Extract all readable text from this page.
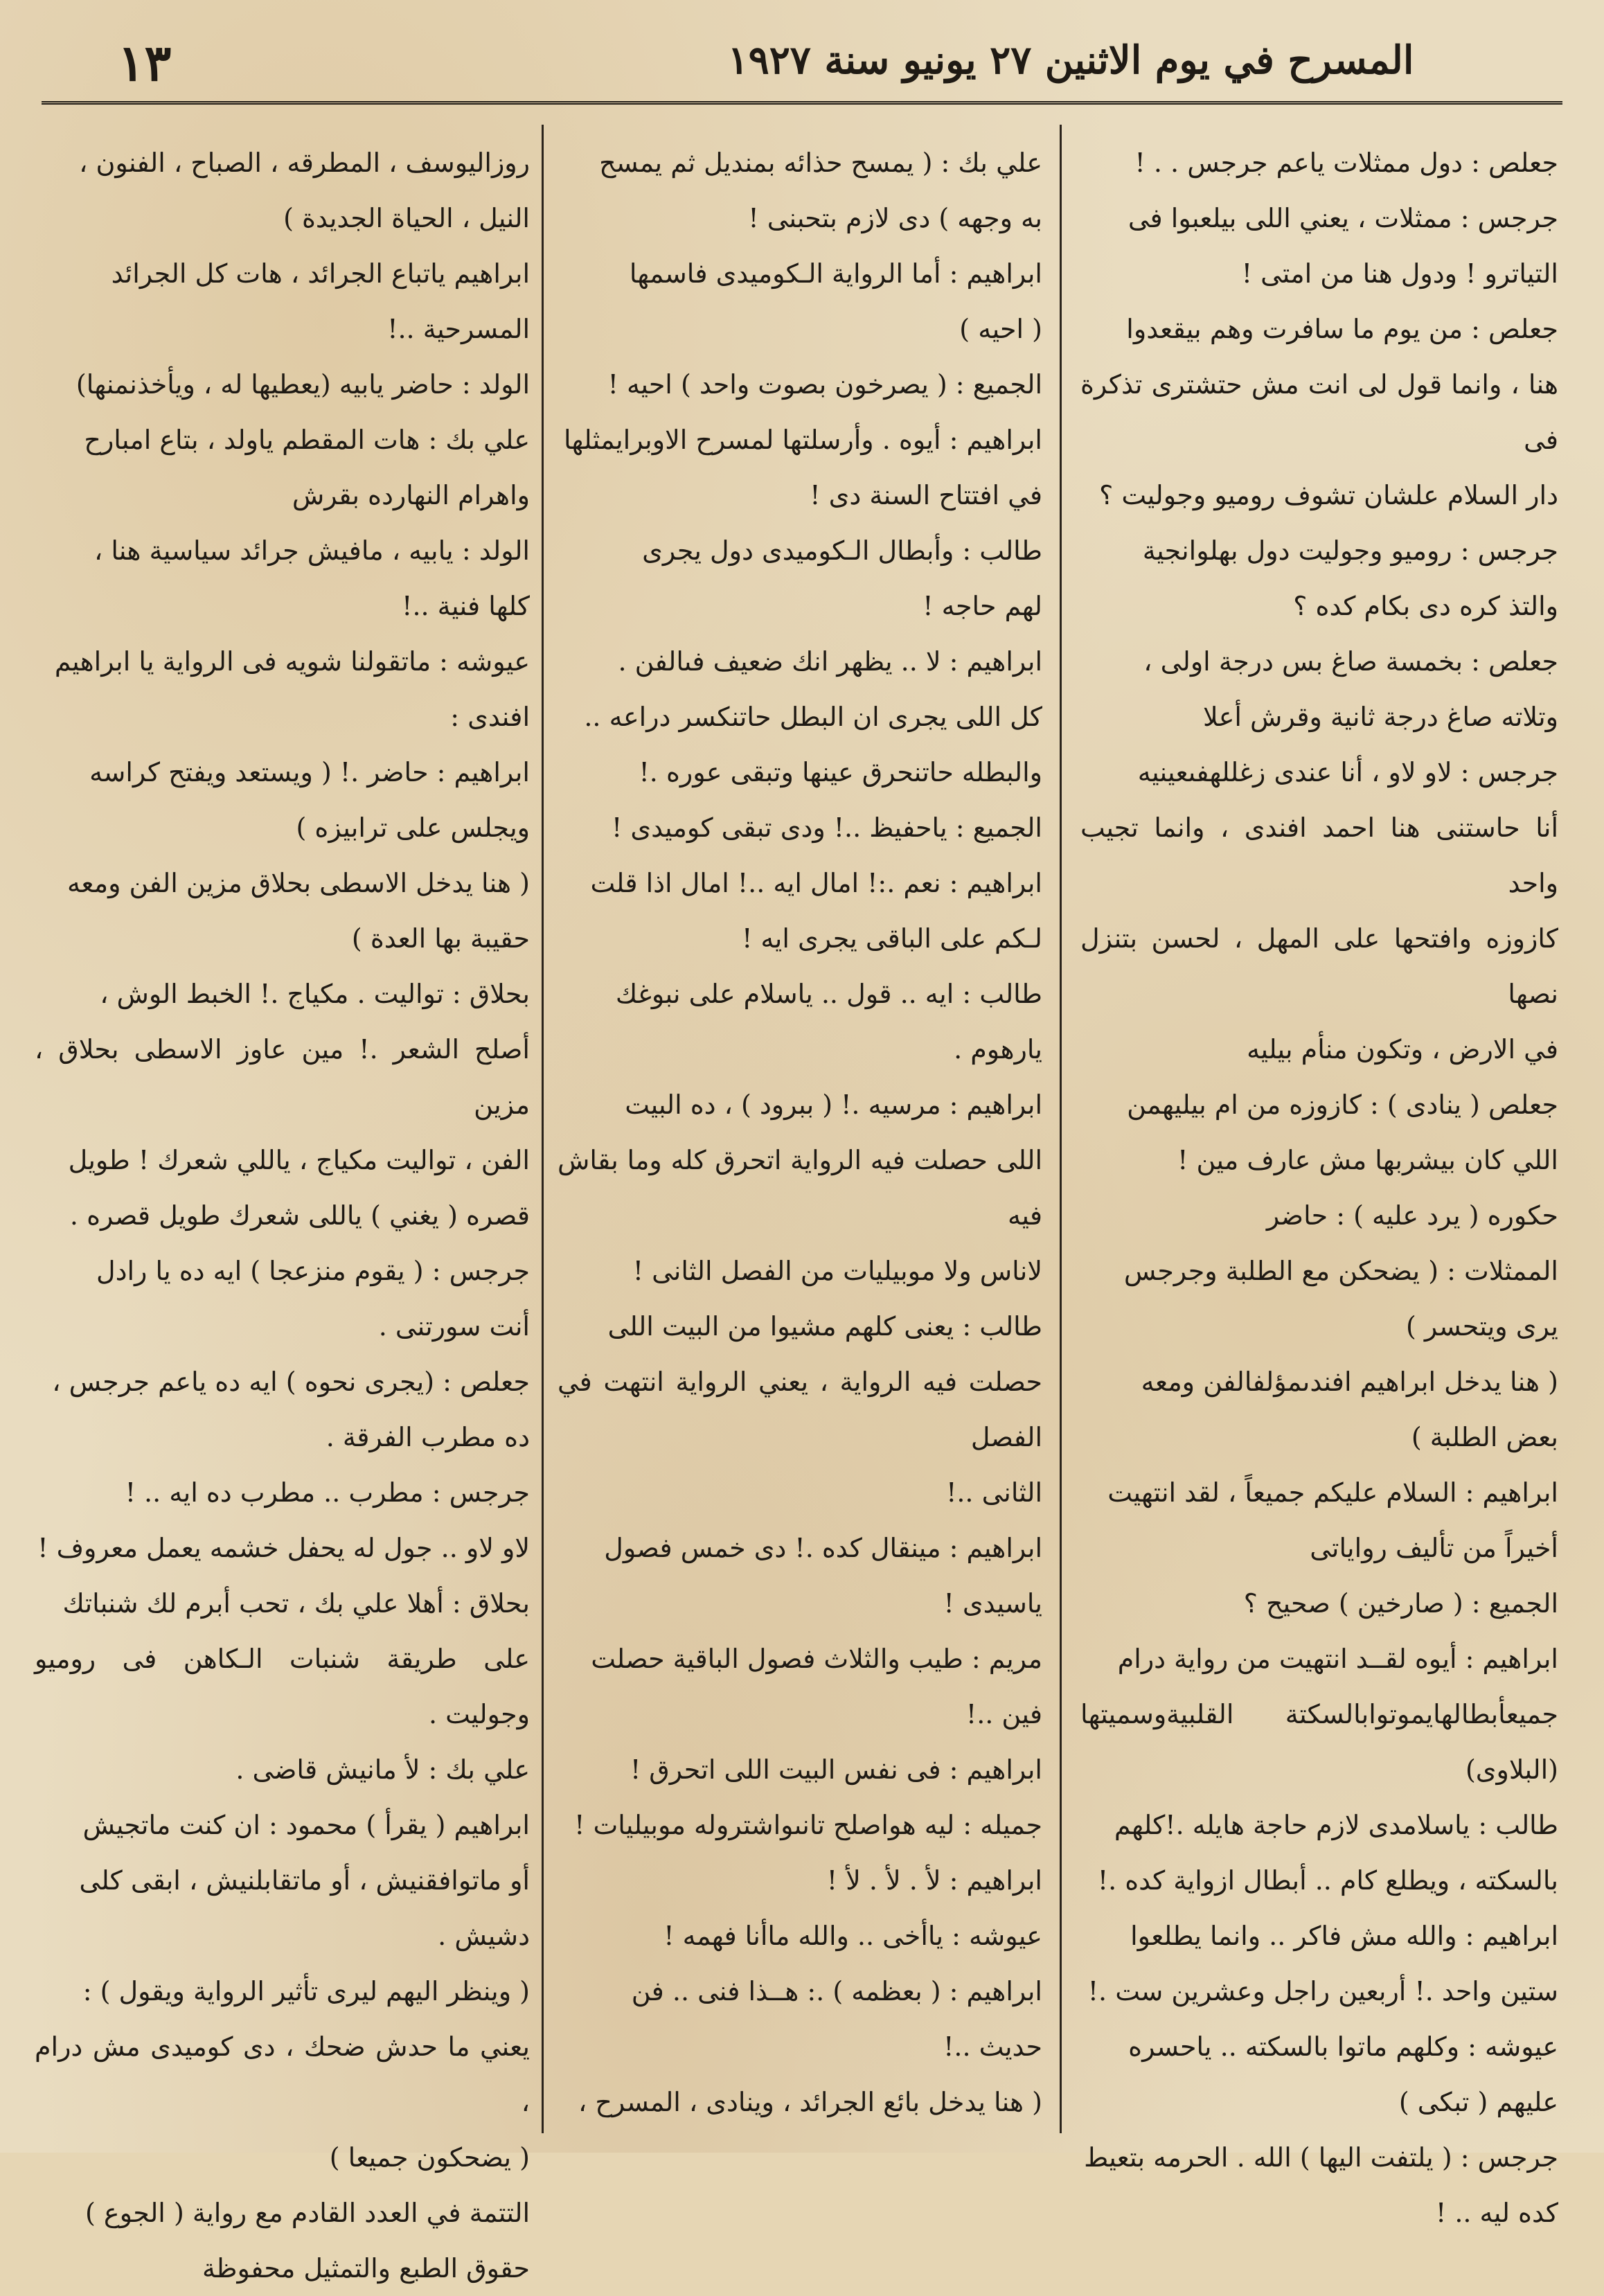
١٣	المسرح في يوم الاثنين ٢٧ يونيو سنة ١٩٢٧

جعلص : دول ممثلات ياعم جرجس . . !

جرجس : ممثلات ، يعني اللى بيلعبوا فى

التياترو ! ودول هنا من امتى !

جعلص : من يوم ما سافرت وهم بيقعدوا

هنا ، وانما قول لى انت مش حتشترى تذكرة فى

دار السلام علشان تشوف روميو وجوليت ؟

جرجس : روميو وجوليت دول بهلوانجية

والتذ كره دى بكام كده ؟

جعلص : بخمسة صاغ بس درجة اولى ،

وتلاته صاغ درجة ثانية وقرش أعلا

جرجس : لاو لاو ، أنا عندى زغللهفىعينيه

أنا حاستنى هنا احمد افندى ، وانما تجيب واحد

كازوزه وافتحها على المهل ، لحسن بتنزل نصها

في الارض ، وتكون منأم بيليه

جعلص ( ينادى ) : كازوزه من ام بيليهمن

اللي كان بيشربها مش عارف مين !

حكوره ( يرد عليه ) : حاضر

الممثلات : ( يضحكن مع الطلبة وجرجس

يرى ويتحسر )

( هنا يدخل ابراهيم افندىمؤلفالفن ومعه

بعض الطلبة )

ابراهيم : السلام عليكم جميعاً ، لقد انتهيت

أخيراً من تأليف رواياتى

الجميع : ( صارخين ) صحيح ؟

ابراهيم : أيوه لقــد انتهيت من رواية درام

جميعأبطالهايموتوابالسكتة القلبيةوسميتها (البلاوى)

طالب : ياسلامدى لازم حاجة هايله .!كلهم

بالسكته ، ويطلع كام .. أبطال ازواية كده .!

ابراهيم : والله مش فاكر .. وانما يطلعوا

ستين واحد .! أربعين راجل وعشرين ست .!

عيوشه : وكلهم ماتوا بالسكته .. ياحسره

عليهم ( تبكى )

جرجس : ( يلتفت اليها ) الله . الحرمه بتعيط

كده ليه .. !

علي بك : ( يمسح حذائه بمنديل ثم يمسح

به وجهه ) دى لازم بتحبنى !

ابراهيم : أما الرواية الـكوميدى فاسمها

( احيه )

الجميع : ( يصرخون بصوت واحد ) احيه !

ابراهيم : أيوه . وأرسلتها لمسرح الاوبرايمثلها

في افتتاح السنة دى !

طالب : وأبطال الـكوميدى دول يجرى

لهم حاجه !

ابراهيم : لا .. يظهر انك ضعيف فىالفن .

كل اللى يجرى ان البطل حاتنكسر دراعه ..

والبطله حاتنحرق عينها وتبقى عوره .!

الجميع : ياحفيظ ..! ودى تبقى كوميدى !

ابراهيم : نعم .:! امال ايه ..! امال اذا قلت

لـكم على الباقى يجرى ايه !

طالب : ايه .. قول .. ياسلام على نبوغك

يارهوم .

ابراهيم : مرسيه .! ( ببرود ) ، ده البيت

اللى حصلت فيه الرواية اتحرق كله وما بقاش فيه

لاناس ولا موبيليات من الفصل الثانى !

طالب : يعنى كلهم مشيوا من البيت اللى

حصلت فيه الرواية ، يعني الرواية انتهت في الفصل

الثانى ..!

ابراهيم : مينقال كده .! دى خمس فصول

ياسيدى !

مريم : طيب والثلاث فصول الباقية حصلت

فين ..!

ابراهيم : فى نفس البيت اللى اتحرق !

جميله : ليه هواصلح تانىواشتروله موبيليات !

ابراهيم : لأ . لأ . لأ !

عيوشه : ياأخى .. والله ماأنا فهمه !

ابراهيم : ( بعظمه ) .: هــذا فنى .. فن

حديث ..!

( هنا يدخل بائع الجرائد ، وينادى ، المسرح ،

روزاليوسف ، المطرقه ، الصباح ، الفنون ،

النيل ، الحياة الجديدة )

ابراهيم ياتباع الجرائد ، هات كل الجرائد

المسرحية ..!

الولد : حاضر يابيه (يعطيها له ، ويأخذنمنها)

علي بك : هات المقطم ياولد ، بتاع امبارح

واهرام النهارده بقرش

الولد : يابيه ، مافيش جرائد سياسية هنا ،

كلها فنية ..!

عيوشه : ماتقولنا شويه فى الرواية يا ابراهيم

افندى :

ابراهيم : حاضر .! ( ويستعد ويفتح كراسه

ويجلس على ترابيزه )

( هنا يدخل الاسطى بحلاق مزين الفن ومعه

حقيبة بها العدة )

بحلاق : تواليت . مكياج .! الخبط الوش ،

أصلح الشعر .! مين عاوز الاسطى بحلاق ، مزين

الفن ، تواليت مكياج ، ياللي شعرك ! طويل

قصره ( يغني ) ياللى شعرك طويل قصره .

جرجس : ( يقوم منزعجا ) ايه ده يا رادل

أنت سورتنى .

جعلص : (يجرى نحوه ) ايه ده ياعم جرجس ،

ده مطرب الفرقة .

جرجس : مطرب .. مطرب ده ايه .. !

لاو لاو .. جول له يحفل خشمه يعمل معروف !

بحلاق : أهلا علي بك ، تحب أبرم لك شنباتك

على طريقة شنبات الـكاهن فى روميو وجوليت .

علي بك : لأ مانيش قاضى .

ابراهيم ( يقرأ ) محمود : ان كنت ماتجيش

أو ماتوافقنيش ، أو ماتقابلنيش ، ابقى كلى

دشيش .

( وينظر اليهم ليرى تأثير الرواية ويقول ) :

يعني ما حدش ضحك ، دى كوميدى مش درام ،

( يضحكون جميعا )

التتمة في العدد القادم مع رواية ( الجوع )

حقوق الطبع والتمثيل محفوظة
